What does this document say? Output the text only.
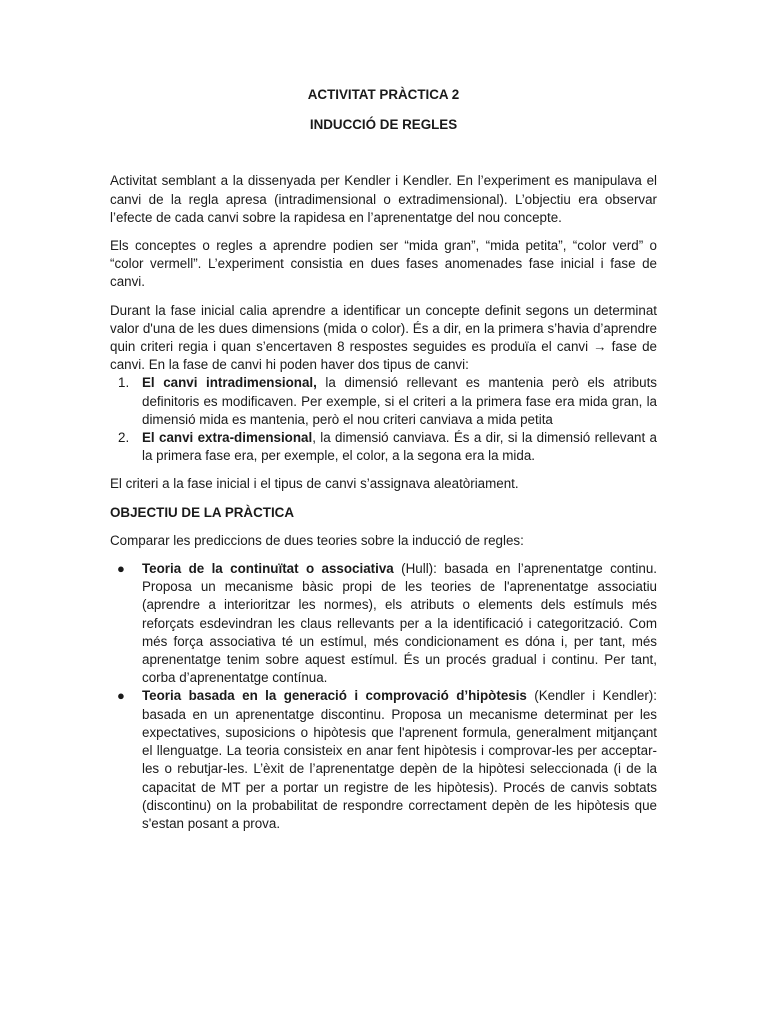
ACTIVITAT PRÀCTICA 2
INDUCCIÓ DE REGLES

Activitat semblant a la dissenyada per Kendler i Kendler. En l’experiment es manipulava el canvi de la regla apresa (intradimensional o extradimensional). L’objectiu era observar l’efecte de cada canvi sobre la rapidesa en l’aprenentatge del nou concepte.

Els conceptes o regles a aprendre podien ser “mida gran”, “mida petita”, “color verd” o “color vermell”. L’experiment consistia en dues fases anomenades fase inicial i fase de canvi.

Durant la fase inicial calia aprendre a identificar un concepte definit segons un determinat valor d'una de les dues dimensions (mida o color). És a dir, en la primera s’havia d’aprendre quin criteri regia i quan s’encertaven 8 respostes seguides es produïa el canvi → fase de canvi. En la fase de canvi hi poden haver dos tipus de canvi:

1. El canvi intradimensional, la dimensió rellevant es mantenia però els atributs definitoris es modificaven. Per exemple, si el criteri a la primera fase era mida gran, la dimensió mida es mantenia, però el nou criteri canviava a mida petita
2. El canvi extra-dimensional, la dimensió canviava. És a dir, si la dimensió rellevant a la primera fase era, per exemple, el color, a la segona era la mida.

El criteri a la fase inicial i el tipus de canvi s’assignava aleatòriament.

OBJECTIU DE LA PRÀCTICA

Comparar les prediccions de dues teories sobre la inducció de regles:

● Teoria de la continuïtat o associativa (Hull): basada en l’aprenentatge continu. Proposa un mecanisme bàsic propi de les teories de l'aprenentatge associatiu (aprendre a interioritzar les normes), els atributs o elements dels estímuls més reforçats esdevindran les claus rellevants per a la identificació i categorització. Com més força associativa té un estímul, més condicionament es dóna i, per tant, més aprenentatge tenim sobre aquest estímul. És un procés gradual i continu. Per tant, corba d’aprenentatge contínua.
● Teoria basada en la generació i comprovació d’hipòtesis (Kendler i Kendler): basada en un aprenentatge discontinu. Proposa un mecanisme determinat per les expectatives, suposicions o hipòtesis que l'aprenent formula, generalment mitjançant el llenguatge. La teoria consisteix en anar fent hipòtesis i comprovar-les per acceptar-les o rebutjar-les. L’èxit de l’aprenentatge depèn de la hipòtesi seleccionada (i de la capacitat de MT per a portar un registre de les hipòtesis). Procés de canvis sobtats (discontinu) on la probabilitat de respondre correctament depèn de les hipòtesis que s'estan posant a prova.
